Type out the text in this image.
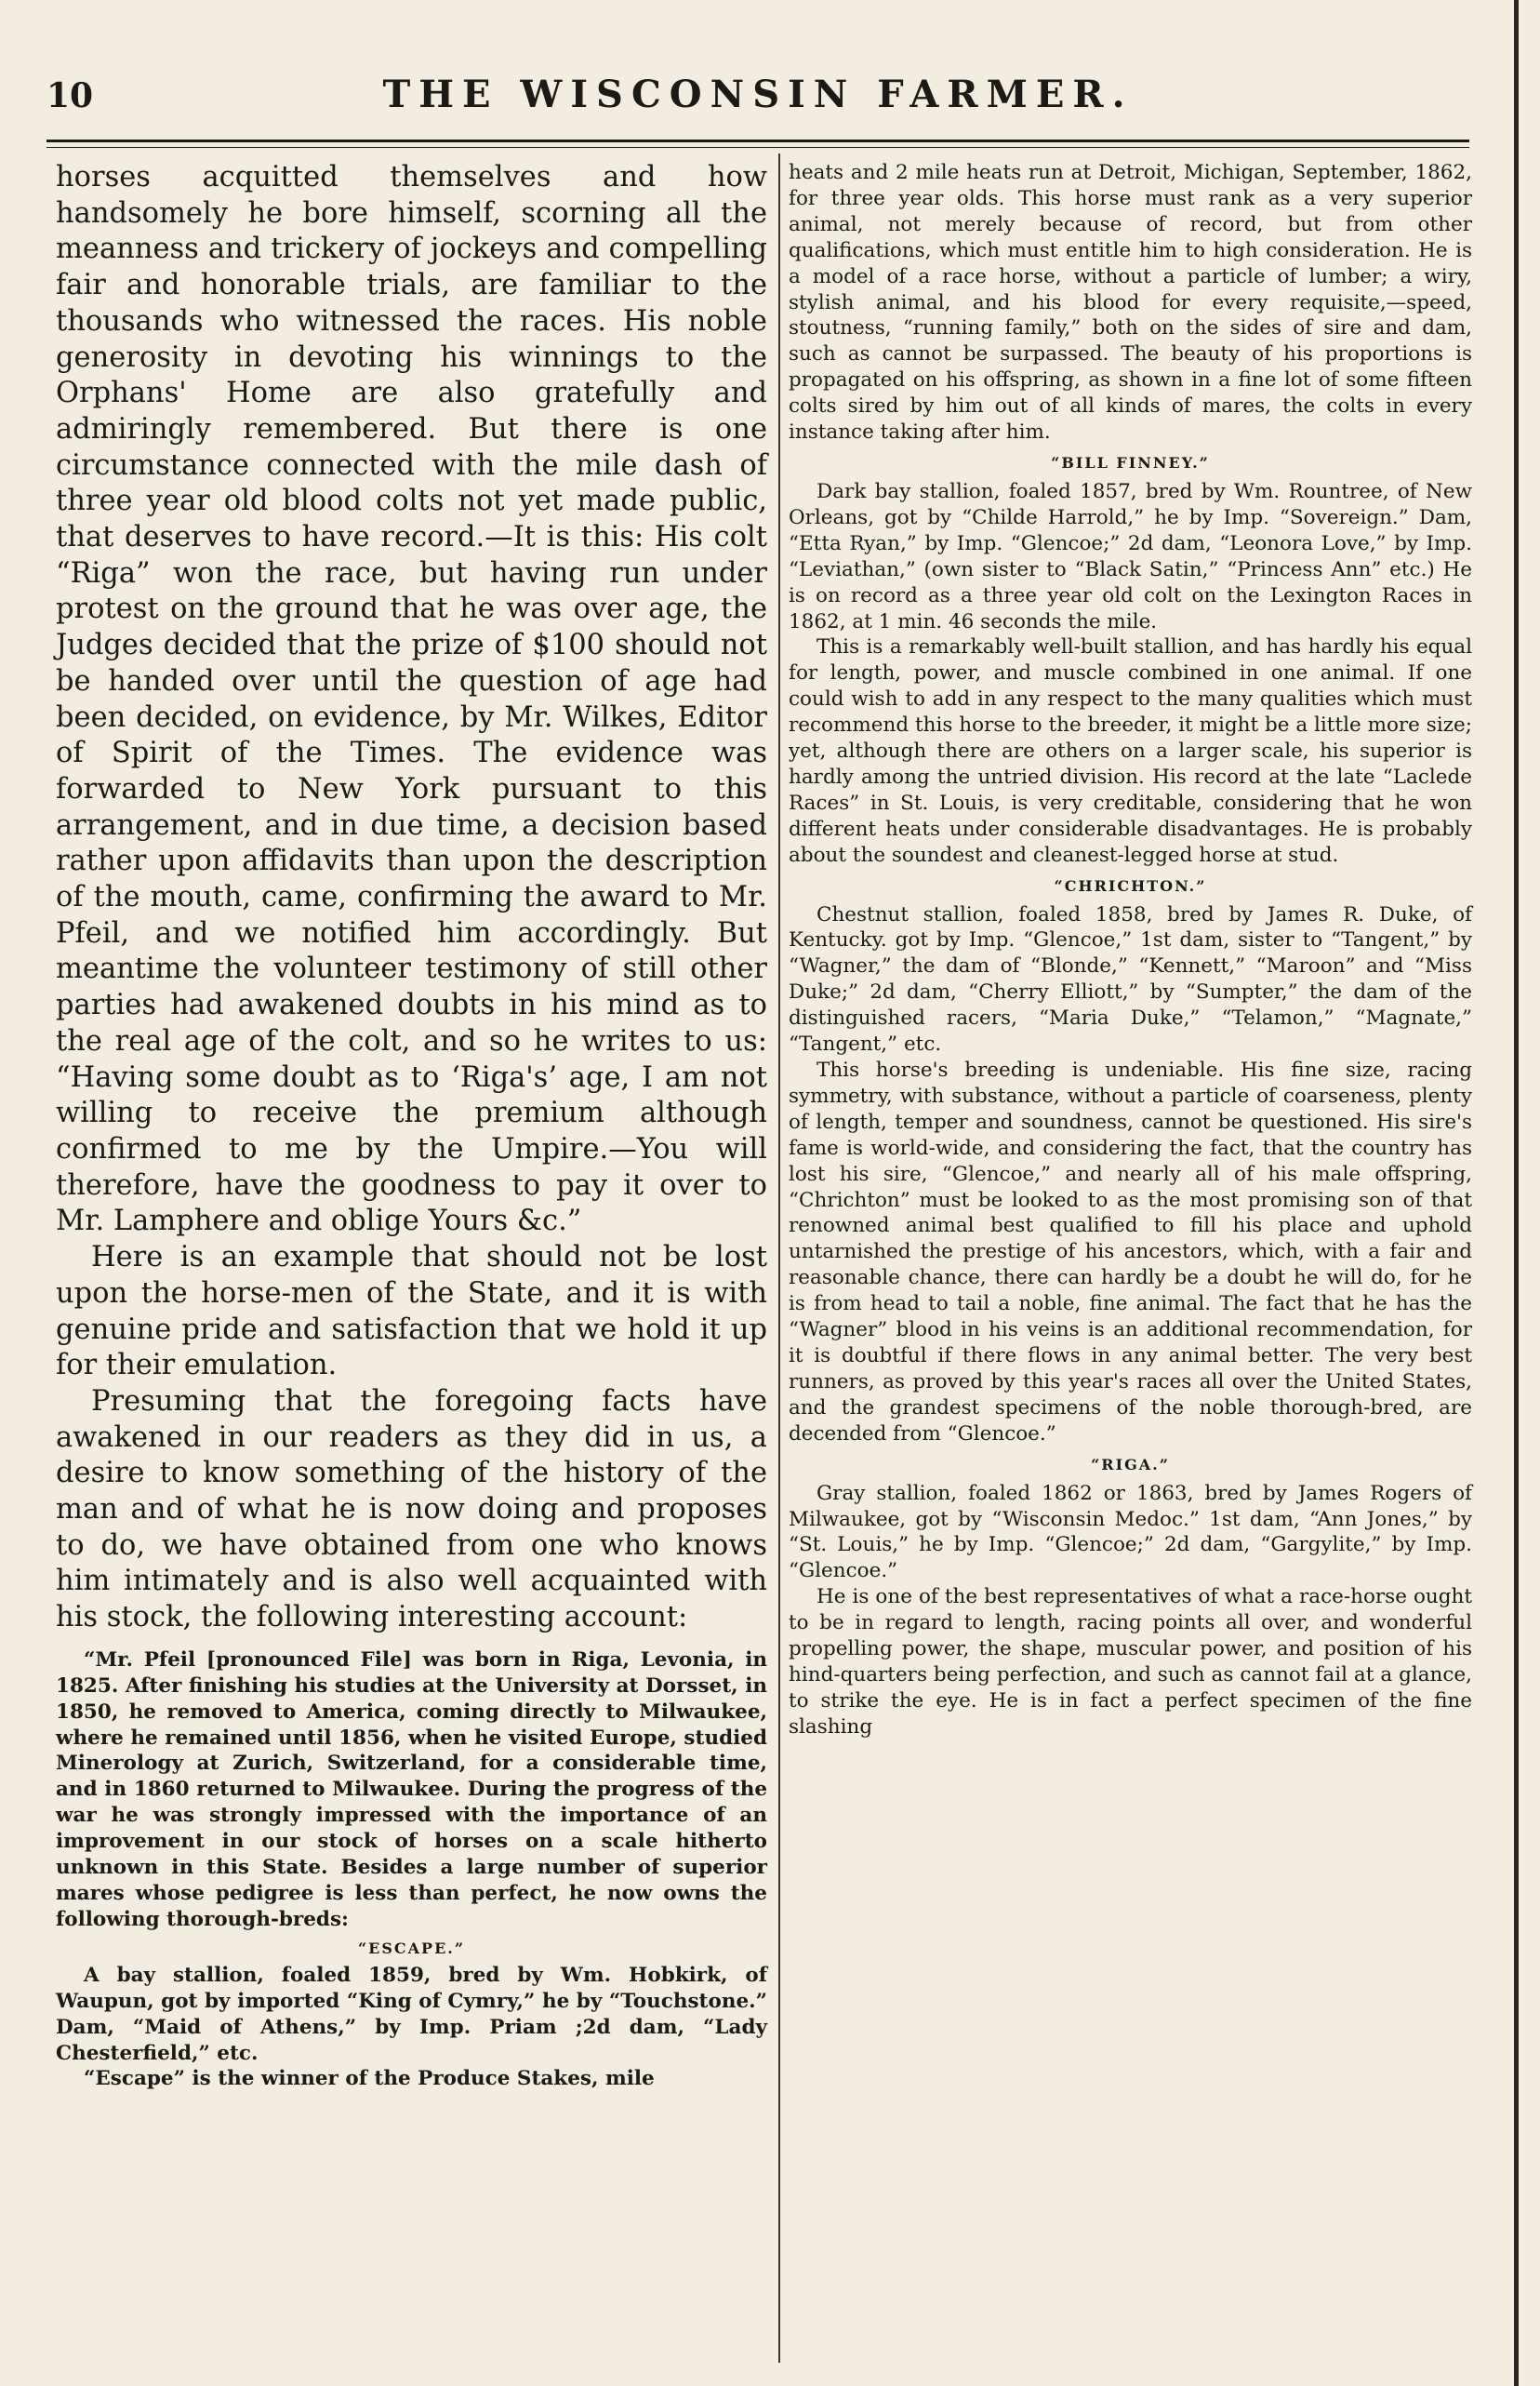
10	THE WISCONSIN FARMER.

horses acquitted themselves and how handsomely he bore himself, scorning all the meanness and trickery of jockeys and compelling fair and honorable trials, are familiar to the thousands who witnessed the races. His noble generosity in devoting his winnings to the Orphans' Home are also gratefully and admiringly remembered. But there is one circumstance connected with the mile dash of three year old blood colts not yet made public, that deserves to have record.—It is this: His colt “Riga” won the race, but having run under protest on the ground that he was over age, the Judges decided that the prize of $100 should not be handed over until the question of age had been decided, on evidence, by Mr. Wilkes, Editor of Spirit of the Times. The evidence was forwarded to New York pursuant to this arrangement, and in due time, a decision based rather upon affidavits than upon the description of the mouth, came, confirming the award to Mr. Pfeil, and we notified him accordingly. But meantime the volunteer testimony of still other parties had awakened doubts in his mind as to the real age of the colt, and so he writes to us: “Having some doubt as to ‘Riga's’ age, I am not willing to receive the premium although confirmed to me by the Umpire.—You will therefore, have the goodness to pay it over to Mr. Lamphere and oblige Yours &c.”

Here is an example that should not be lost upon the horse-men of the State, and it is with genuine pride and satisfaction that we hold it up for their emulation.

Presuming that the foregoing facts have awakened in our readers as they did in us, a desire to know something of the history of the man and of what he is now doing and proposes to do, we have obtained from one who knows him intimately and is also well acquainted with his stock, the following interesting account:

“Mr. Pfeil [pronounced File] was born in Riga, Levonia, in 1825. After finishing his studies at the University at Dorsset, in 1850, he removed to America, coming directly to Milwaukee, where he remained until 1856, when he visited Europe, studied Minerology at Zurich, Switzerland, for a considerable time, and in 1860 returned to Milwaukee. During the progress of the war he was strongly impressed with the importance of an improvement in our stock of horses on a scale hitherto unknown in this State. Besides a large number of superior mares whose pedigree is less than perfect, he now owns the following thorough-breds:

“ESCAPE.”

A bay stallion, foaled 1859, bred by Wm. Hobkirk, of Waupun, got by imported “King of Cymry,” he by “Touchstone.” Dam, “Maid of Athens,” by Imp. Priam ;2d dam, “Lady Chesterfield,” etc.

“Escape” is the winner of the Produce Stakes, mile

heats and 2 mile heats run at Detroit, Michigan, September, 1862, for three year olds. This horse must rank as a very superior animal, not merely because of record, but from other qualifications, which must entitle him to high consideration. He is a model of a race horse, without a particle of lumber; a wiry, stylish animal, and his blood for every requisite,—speed, stoutness, “running family,” both on the sides of sire and dam, such as cannot be surpassed. The beauty of his proportions is propagated on his offspring, as shown in a fine lot of some fifteen colts sired by him out of all kinds of mares, the colts in every instance taking after him.

“BILL FINNEY.”

Dark bay stallion, foaled 1857, bred by Wm. Rountree, of New Orleans, got by “Childe Harrold,” he by Imp. “Sovereign.” Dam, “Etta Ryan,” by Imp. “Glencoe;” 2d dam, “Leonora Love,” by Imp. “Leviathan,” (own sister to “Black Satin,” “Princess Ann” etc.) He is on record as a three year old colt on the Lexington Races in 1862, at 1 min. 46 seconds the mile.

This is a remarkably well-built stallion, and has hardly his equal for length, power, and muscle combined in one animal. If one could wish to add in any respect to the many qualities which must recommend this horse to the breeder, it might be a little more size; yet, although there are others on a larger scale, his superior is hardly among the untried division. His record at the late “Laclede Races” in St. Louis, is very creditable, considering that he won different heats under considerable disadvantages. He is probably about the soundest and cleanest-legged horse at stud.

“CHRICHTON.”

Chestnut stallion, foaled 1858, bred by James R. Duke, of Kentucky. got by Imp. “Glencoe,” 1st dam, sister to “Tangent,” by “Wagner,” the dam of “Blonde,” “Kennett,” “Maroon” and “Miss Duke;” 2d dam, “Cherry Elliott,” by “Sumpter,” the dam of the distinguished racers, “Maria Duke,” “Telamon,” “Magnate,” “Tangent,” etc.

This horse's breeding is undeniable. His fine size, racing symmetry, with substance, without a particle of coarseness, plenty of length, temper and soundness, cannot be questioned. His sire's fame is world-wide, and considering the fact, that the country has lost his sire, “Glencoe,” and nearly all of his male offspring, “Chrichton” must be looked to as the most promising son of that renowned animal best qualified to fill his place and uphold untarnished the prestige of his ancestors, which, with a fair and reasonable chance, there can hardly be a doubt he will do, for he is from head to tail a noble, fine animal. The fact that he has the “Wagner” blood in his veins is an additional recommendation, for it is doubtful if there flows in any animal better. The very best runners, as proved by this year's races all over the United States, and the grandest specimens of the noble thorough-bred, are decended from “Glencoe.”

“RIGA.”

Gray stallion, foaled 1862 or 1863, bred by James Rogers of Milwaukee, got by “Wisconsin Medoc.” 1st dam, “Ann Jones,” by “St. Louis,” he by Imp. “Glencoe;” 2d dam, “Gargylite,” by Imp. “Glencoe.”

He is one of the best representatives of what a race-horse ought to be in regard to length, racing points all over, and wonderful propelling power, the shape, muscular power, and position of his hind-quarters being perfection, and such as cannot fail at a glance, to strike the eye. He is in fact a perfect specimen of the fine slashing
